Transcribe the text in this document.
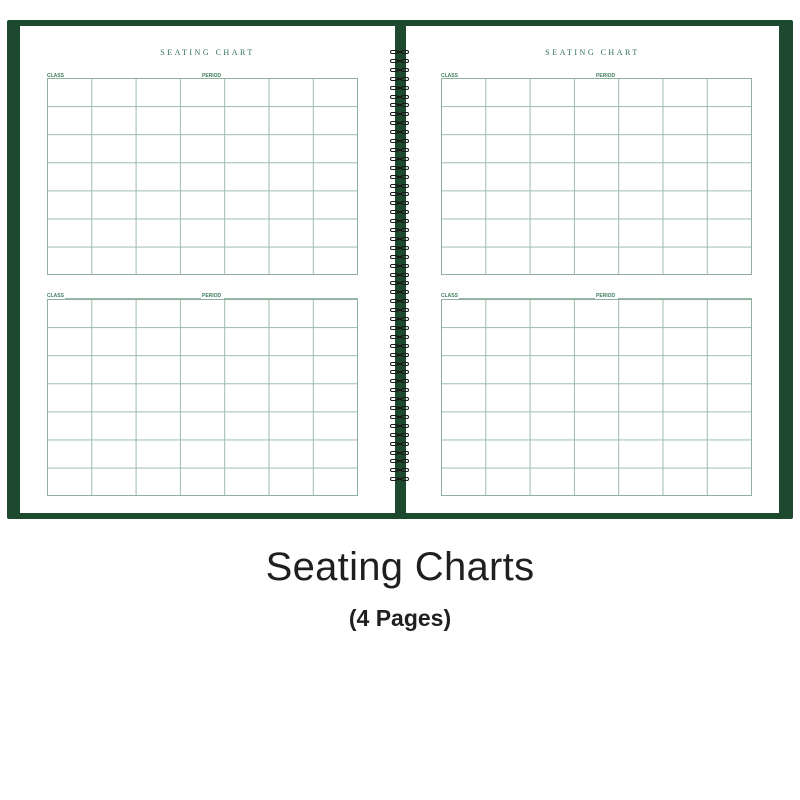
SEATING CHART
CLASS	PERIOD
CLASS	PERIOD
SEATING CHART
CLASS	PERIOD
CLASS	PERIOD
Seating Charts
(4 Pages)
